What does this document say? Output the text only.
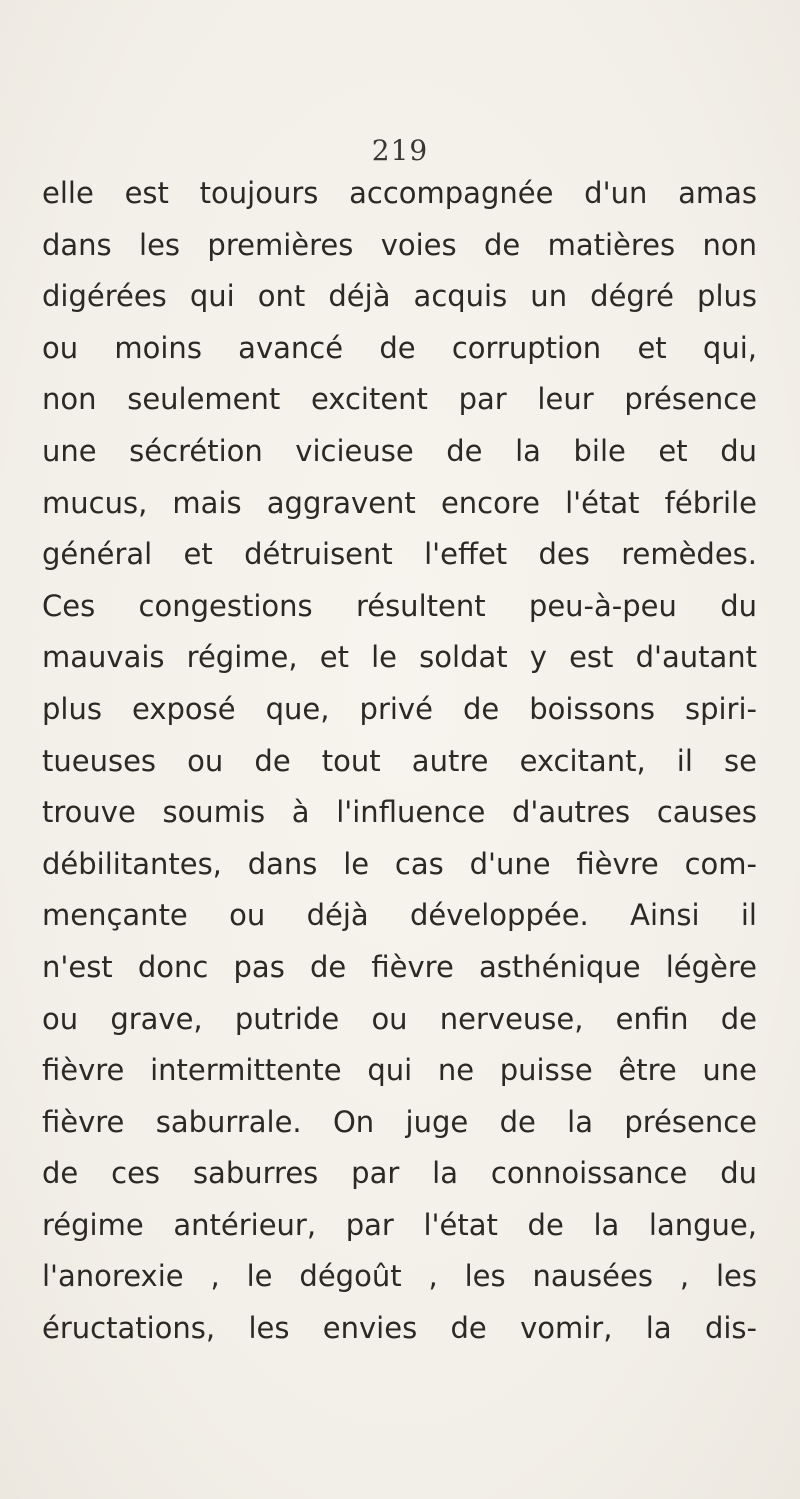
219
elle est toujours accompagnée d'un amas
dans les premières voies de matières non
digérées qui ont déjà acquis un dégré plus
ou moins avancé de corruption et qui,
non seulement excitent par leur présence
une sécrétion vicieuse de la bile et du
mucus, mais aggravent encore l'état fébrile
général et détruisent l'effet des remèdes.
Ces congestions résultent peu-à-peu du
mauvais régime, et le soldat y est d'autant
plus exposé que, privé de boissons spiri-
tueuses ou de tout autre excitant, il se
trouve soumis à l'influence d'autres causes
débilitantes, dans le cas d'une fièvre com-
mençante ou déjà développée. Ainsi il
n'est donc pas de fièvre asthénique légère
ou grave, putride ou nerveuse, enfin de
fièvre intermittente qui ne puisse être une
fièvre saburrale. On juge de la présence
de ces saburres par la connoissance du
régime antérieur, par l'état de la langue,
l'anorexie , le dégoût , les nausées , les
éructations, les envies de vomir, la dis-
